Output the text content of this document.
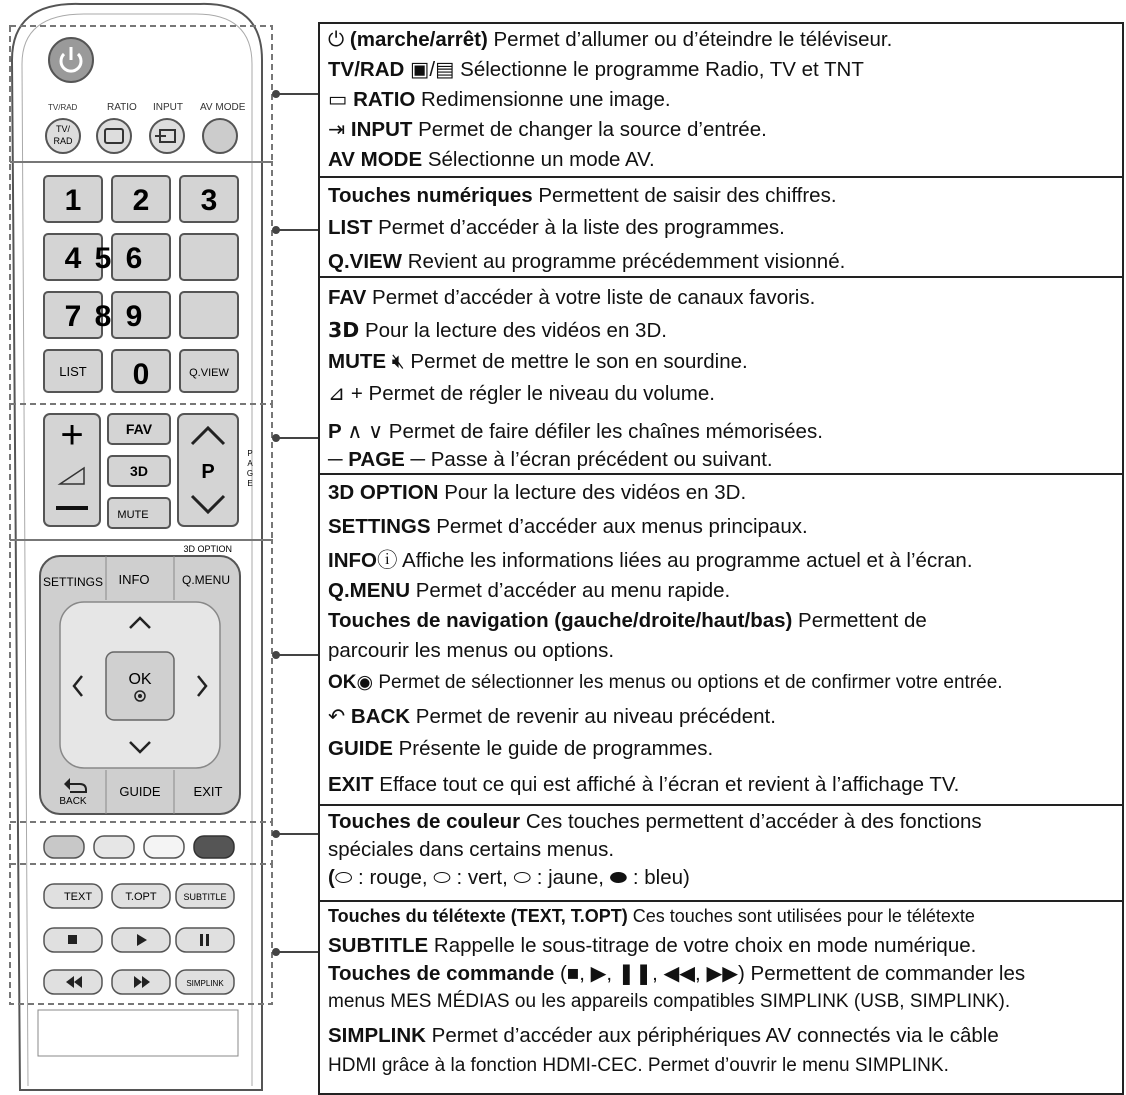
TV/RAD	RATIO INPUT AV MODE
TV/
RAD
1 2 3
4 5 6
7 8 9
LIST 0	Q.VIEW
+	FAV
3D
MUTE
P
P
A
G
E
3D OPTION
SETTINGS INFO	Q.MENU
OK
BACK
GUIDE	EXIT
TEXT	T.OPT	SUBTITLE
SIMPLINK
⏻ (marche/arrêt) Permet d’allumer ou d’éteindre le téléviseur.
TV/RAD ▣/▤ Sélectionne le programme Radio, TV et TNT
▭ RATIO Redimensionne une image.
⇥ INPUT Permet de changer la source d’entrée.
AV MODE Sélectionne un mode AV.
Touches numériques Permettent de saisir des chiffres.
LIST Permet d’accéder à la liste des programmes.
Q.VIEW Revient au programme précédemment visionné.
FAV Permet d’accéder à votre liste de canaux favoris.
3D Pour la lecture des vidéos en 3D.
MUTE 🔇︎ Permet de mettre le son en sourdine.
⊿ + Permet de régler le niveau du volume.
P ∧ ∨ Permet de faire défiler les chaînes mémorisées.
─ PAGE ─ Passe à l’écran précédent ou suivant.
3D OPTION Pour la lecture des vidéos en 3D.
SETTINGS Permet d’accéder aux menus principaux.
INFOⓘ Affiche les informations liées au programme actuel et à l’écran.
Q.MENU Permet d’accéder au menu rapide.
Touches de navigation (gauche/droite/haut/bas) Permettent de
parcourir les menus ou options.
OK◉ Permet de sélectionner les menus ou options et de confirmer votre entrée.
↶ BACK Permet de revenir au niveau précédent.
GUIDE Présente le guide de programmes.
EXIT Efface tout ce qui est affiché à l’écran et revient à l’affichage TV.
Touches de couleur Ces touches permettent d’accéder à des fonctions
spéciales dans certains menus.
(⬭ : rouge, ⬭ : vert, ⬭ : jaune, ⬬ : bleu)
Touches du télétexte (TEXT, T.OPT) Ces touches sont utilisées pour le télétexte
SUBTITLE Rappelle le sous-titrage de votre choix en mode numérique.
Touches de commande (■, ▶, ❚❚, ◀◀, ▶▶) Permettent de commander les
menus MES MÉDIAS ou les appareils compatibles SIMPLINK (USB, SIMPLINK).
SIMPLINK Permet d’accéder aux périphériques AV connectés via le câble
HDMI grâce à la fonction HDMI-CEC. Permet d’ouvrir le menu SIMPLINK.
